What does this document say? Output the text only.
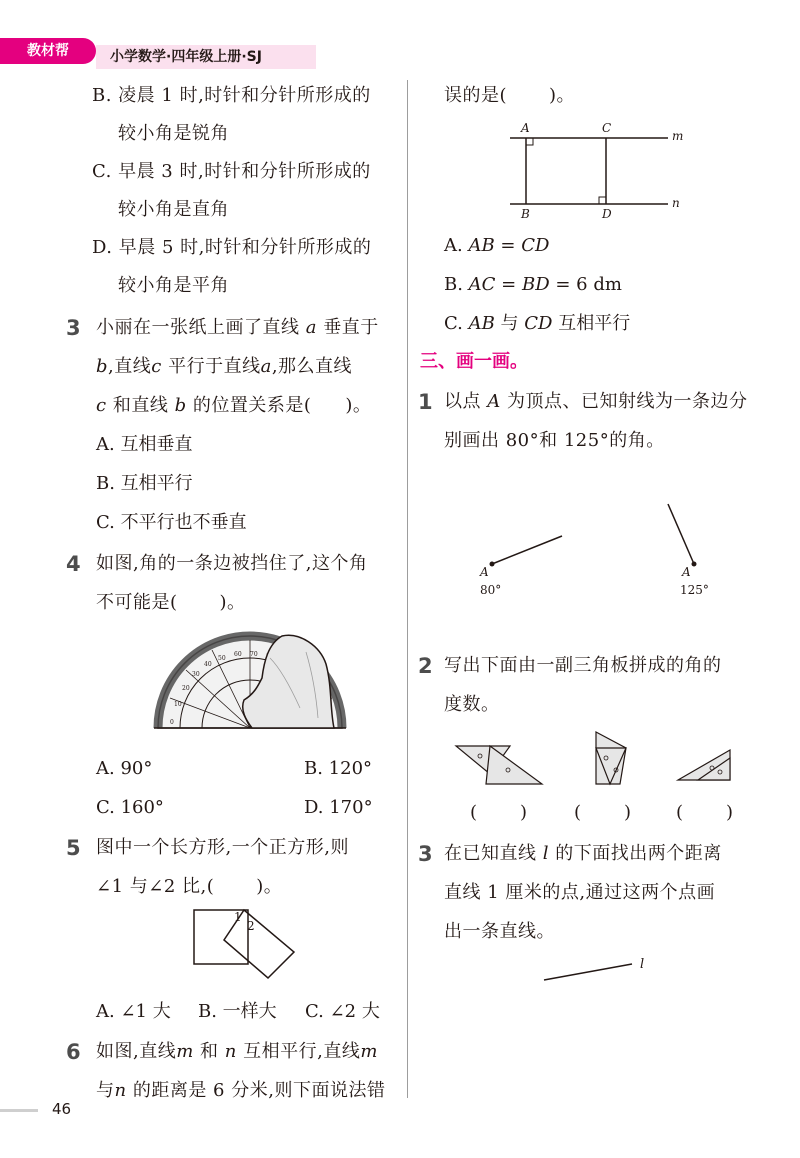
教材帮	小学数学·四年级上册·SJ
B. 凌晨 1 时,时针和分针所形成的
较小角是锐角
C. 早晨 3 时,时针和分针所形成的
较小角是直角
D. 早晨 5 时,时针和分针所形成的
较小角是平角
3 小丽在一张纸上画了直线 a 垂直于
b,直线c 平行于直线a,那么直线
c 和直线 b 的位置关系是( )。
A. 互相垂直
B. 互相平行
C. 不平行也不垂直
4 如图,角的一条边被挡住了,这个角
不可能是( )。
0
10
20
30
40
50
60 70
A. 90°	B. 120°
C. 160°	D. 170°
5 图中一个长方形,一个正方形,则
∠1 与∠2 比,( )。
1
2
A. ∠1 大 B. 一样大 C. ∠2 大
6 如图,直线m 和 n 互相平行,直线m
与n 的距离是 6 分米,则下面说法错
误的是( )。
A	C
B	D
m
n
A. AB = CD
B. AC = BD = 6 dm
C. AB 与 CD 互相平行
三、画一画。
1 以点 A 为顶点、已知射线为一条边分
别画出 80°和 125°的角。
A
80°
A
125°
2 写出下面由一副三角板拼成的角的
度数。
( )	( ) ( )
3 在已知直线 l 的下面找出两个距离
直线 1 厘米的点,通过这两个点画
出一条直线。
l
46
